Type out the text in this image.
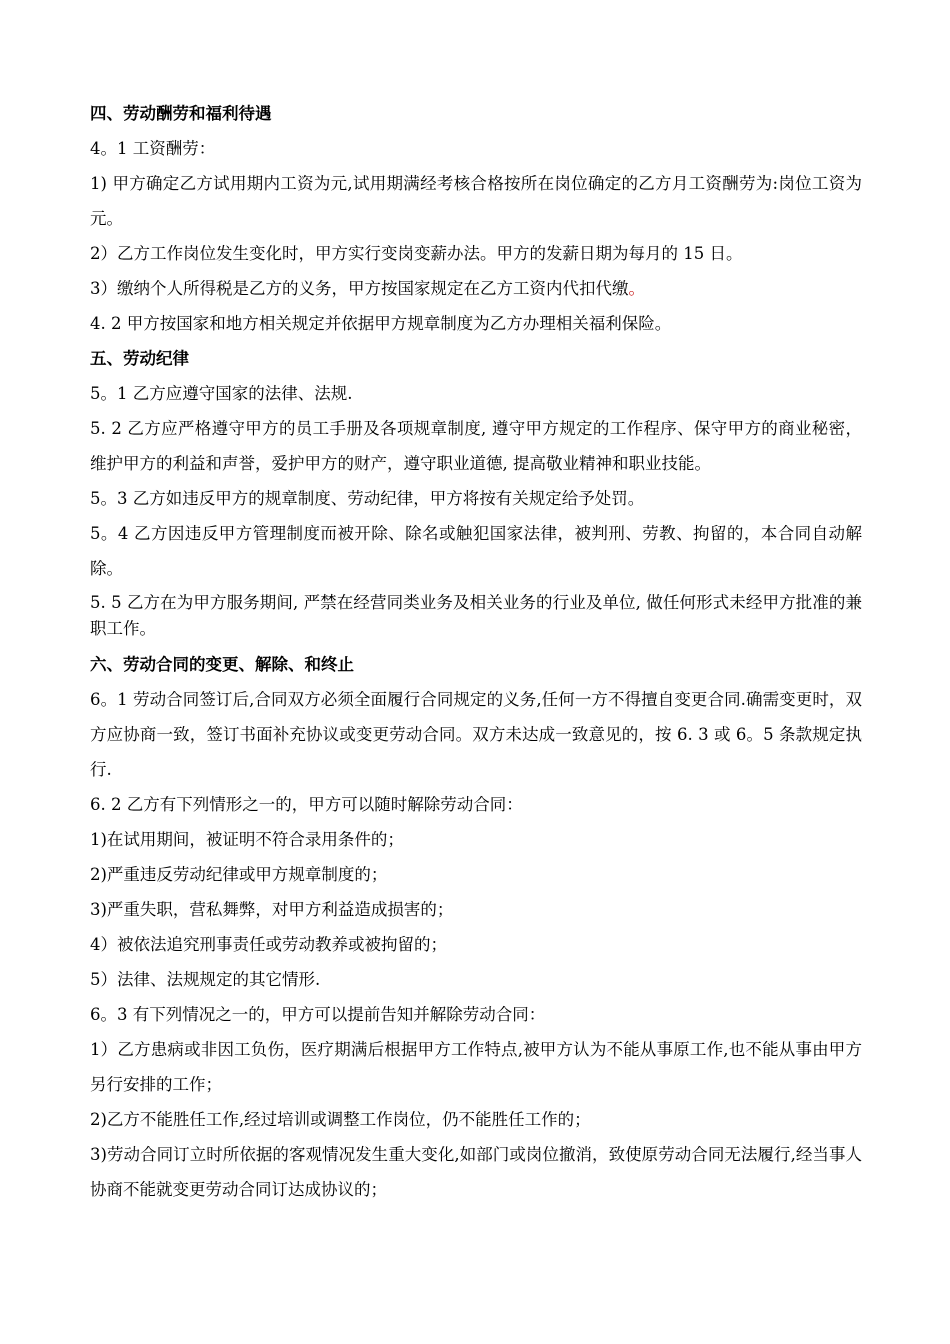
四、劳动酬劳和福利待遇
4。1 工资酬劳：
1) 甲方确定乙方试用期内工资为元,试用期满经考核合格按所在岗位确定的乙方月工资酬劳为:岗位工资为元。
2）乙方工作岗位发生变化时，甲方实行变岗变薪办法。甲方的发薪日期为每月的 15 日。
3）缴纳个人所得税是乙方的义务，甲方按国家规定在乙方工资内代扣代缴。
4. 2 甲方按国家和地方相关规定并依据甲方规章制度为乙方办理相关福利保险。
五、劳动纪律
5。1 乙方应遵守国家的法律、法规.
5. 2 乙方应严格遵守甲方的员工手册及各项规章制度, 遵守甲方规定的工作程序、保守甲方的商业秘密，维护甲方的利益和声誉，爱护甲方的财产，遵守职业道德, 提高敬业精神和职业技能。
5。3 乙方如违反甲方的规章制度、劳动纪律，甲方将按有关规定给予处罚。
5。4 乙方因违反甲方管理制度而被开除、除名或触犯国家法律，被判刑、劳教、拘留的，本合同自动解除。
5. 5 乙方在为甲方服务期间, 严禁在经营同类业务及相关业务的行业及单位, 做任何形式未经甲方批准的兼职工作。
六、劳动合同的变更、解除、和终止
6。1 劳动合同签订后,合同双方必须全面履行合同规定的义务,任何一方不得擅自变更合同.确需变更时，双方应协商一致，签订书面补充协议或变更劳动合同。双方未达成一致意见的，按 6. 3 或 6。5 条款规定执行.
6. 2 乙方有下列情形之一的，甲方可以随时解除劳动合同：
1)在试用期间，被证明不符合录用条件的；
2)严重违反劳动纪律或甲方规章制度的；
3)严重失职，营私舞弊，对甲方利益造成损害的；
4）被依法追究刑事责任或劳动教养或被拘留的；
5）法律、法规规定的其它情形.
6。3 有下列情况之一的，甲方可以提前告知并解除劳动合同：
1）乙方患病或非因工负伤，医疗期满后根据甲方工作特点,被甲方认为不能从事原工作,也不能从事由甲方另行安排的工作；
2)乙方不能胜任工作,经过培训或调整工作岗位，仍不能胜任工作的；
3)劳动合同订立时所依据的客观情况发生重大变化,如部门或岗位撤消，致使原劳动合同无法履行,经当事人协商不能就变更劳动合同订达成协议的；
